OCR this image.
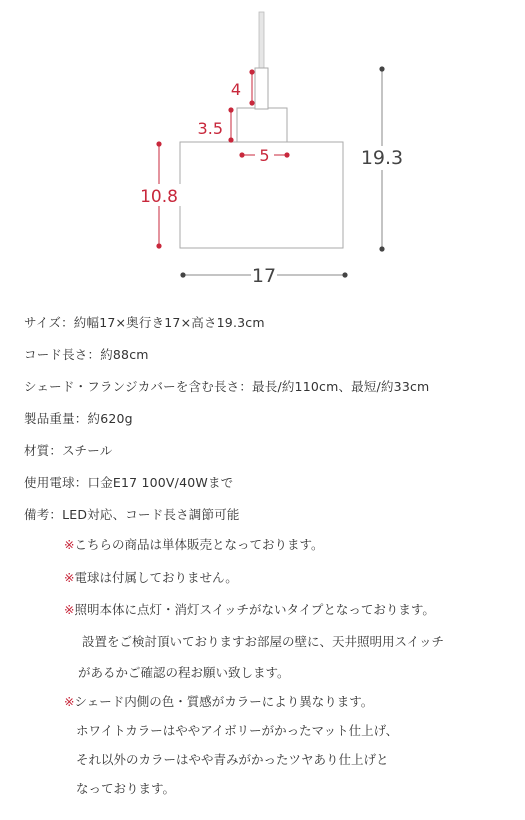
4
3.5
5
10.8
19.3
17
サイズ：約幅17×奥行き17×高さ19.3cm
コード長さ：約88cm
シェード・フランジカバーを含む長さ：最長/約110cm、最短/約33cm
製品重量：約620g
材質：スチール
使用電球：口金E17 100V/40Wまで
備考：LED対応、コード長さ調節可能
※こちらの商品は単体販売となっております。
※電球は付属しておりません。
※照明本体に点灯・消灯スイッチがないタイプとなっております。
設置をご検討頂いておりますお部屋の壁に、天井照明用スイッチ
があるかご確認の程お願い致します。
※シェード内側の色・質感がカラーにより異なります。
ホワイトカラーはややアイボリーがかったマット仕上げ、
それ以外のカラーはやや青みがかったツヤあり仕上げと
なっております。
